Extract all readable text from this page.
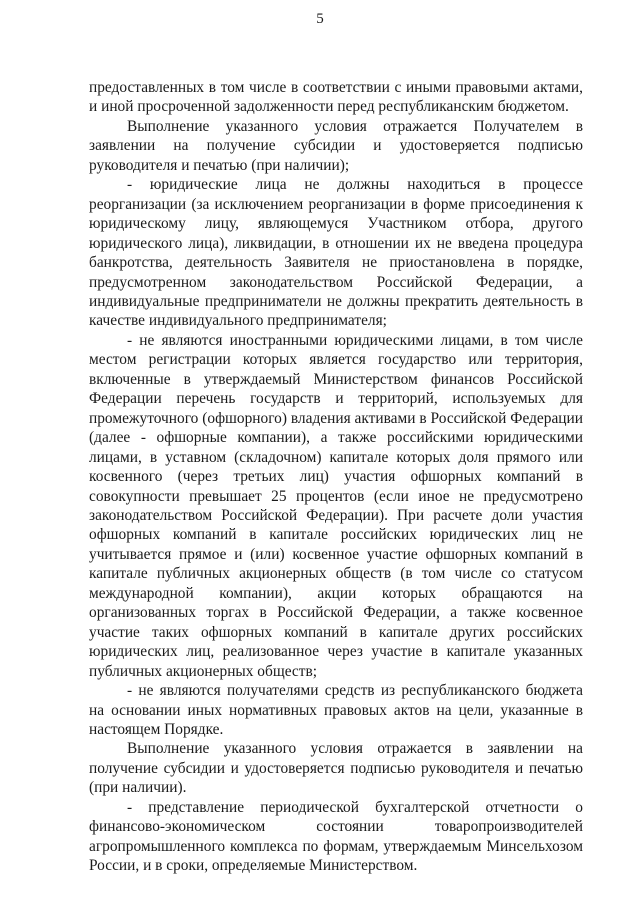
5

предоставленных в том числе в соответствии с иными правовыми актами, и иной просроченной задолженности перед республиканским бюджетом.

Выполнение указанного условия отражается Получателем в заявлении на получение субсидии и удостоверяется подписью руководителя и печатью (при наличии);

- юридические лица не должны находиться в процессе реорганизации (за исключением реорганизации в форме присоединения к юридическому лицу, являющемуся Участником отбора, другого юридического лица), ликвидации, в отношении их не введена процедура банкротства, деятельность Заявителя не приостановлена в порядке, предусмотренном законодательством Российской Федерации, а индивидуальные предприниматели не должны прекратить деятельность в качестве индивидуального предпринимателя;

- не являются иностранными юридическими лицами, в том числе местом регистрации которых является государство или территория, включенные в утверждаемый Министерством финансов Российской Федерации перечень государств и территорий, используемых для промежуточного (офшорного) владения активами в Российской Федерации (далее - офшорные компании), а также российскими юридическими лицами, в уставном (складочном) капитале которых доля прямого или косвенного (через третьих лиц) участия офшорных компаний в совокупности превышает 25 процентов (если иное не предусмотрено законодательством Российской Федерации). При расчете доли участия офшорных компаний в капитале российских юридических лиц не учитывается прямое и (или) косвенное участие офшорных компаний в капитале публичных акционерных обществ (в том числе со статусом международной компании), акции которых обращаются на организованных торгах в Российской Федерации, а также косвенное участие таких офшорных компаний в капитале других российских юридических лиц, реализованное через участие в капитале указанных публичных акционерных обществ;

- не являются получателями средств из республиканского бюджета на основании иных нормативных правовых актов на цели, указанные в настоящем Порядке.

Выполнение указанного условия отражается в заявлении на получение субсидии и удостоверяется подписью руководителя и печатью (при наличии).

- представление периодической бухгалтерской отчетности о финансово-экономическом состоянии товаропроизводителей агропромышленного комплекса по формам, утверждаемым Минсельхозом России, и в сроки, определяемые Министерством.
